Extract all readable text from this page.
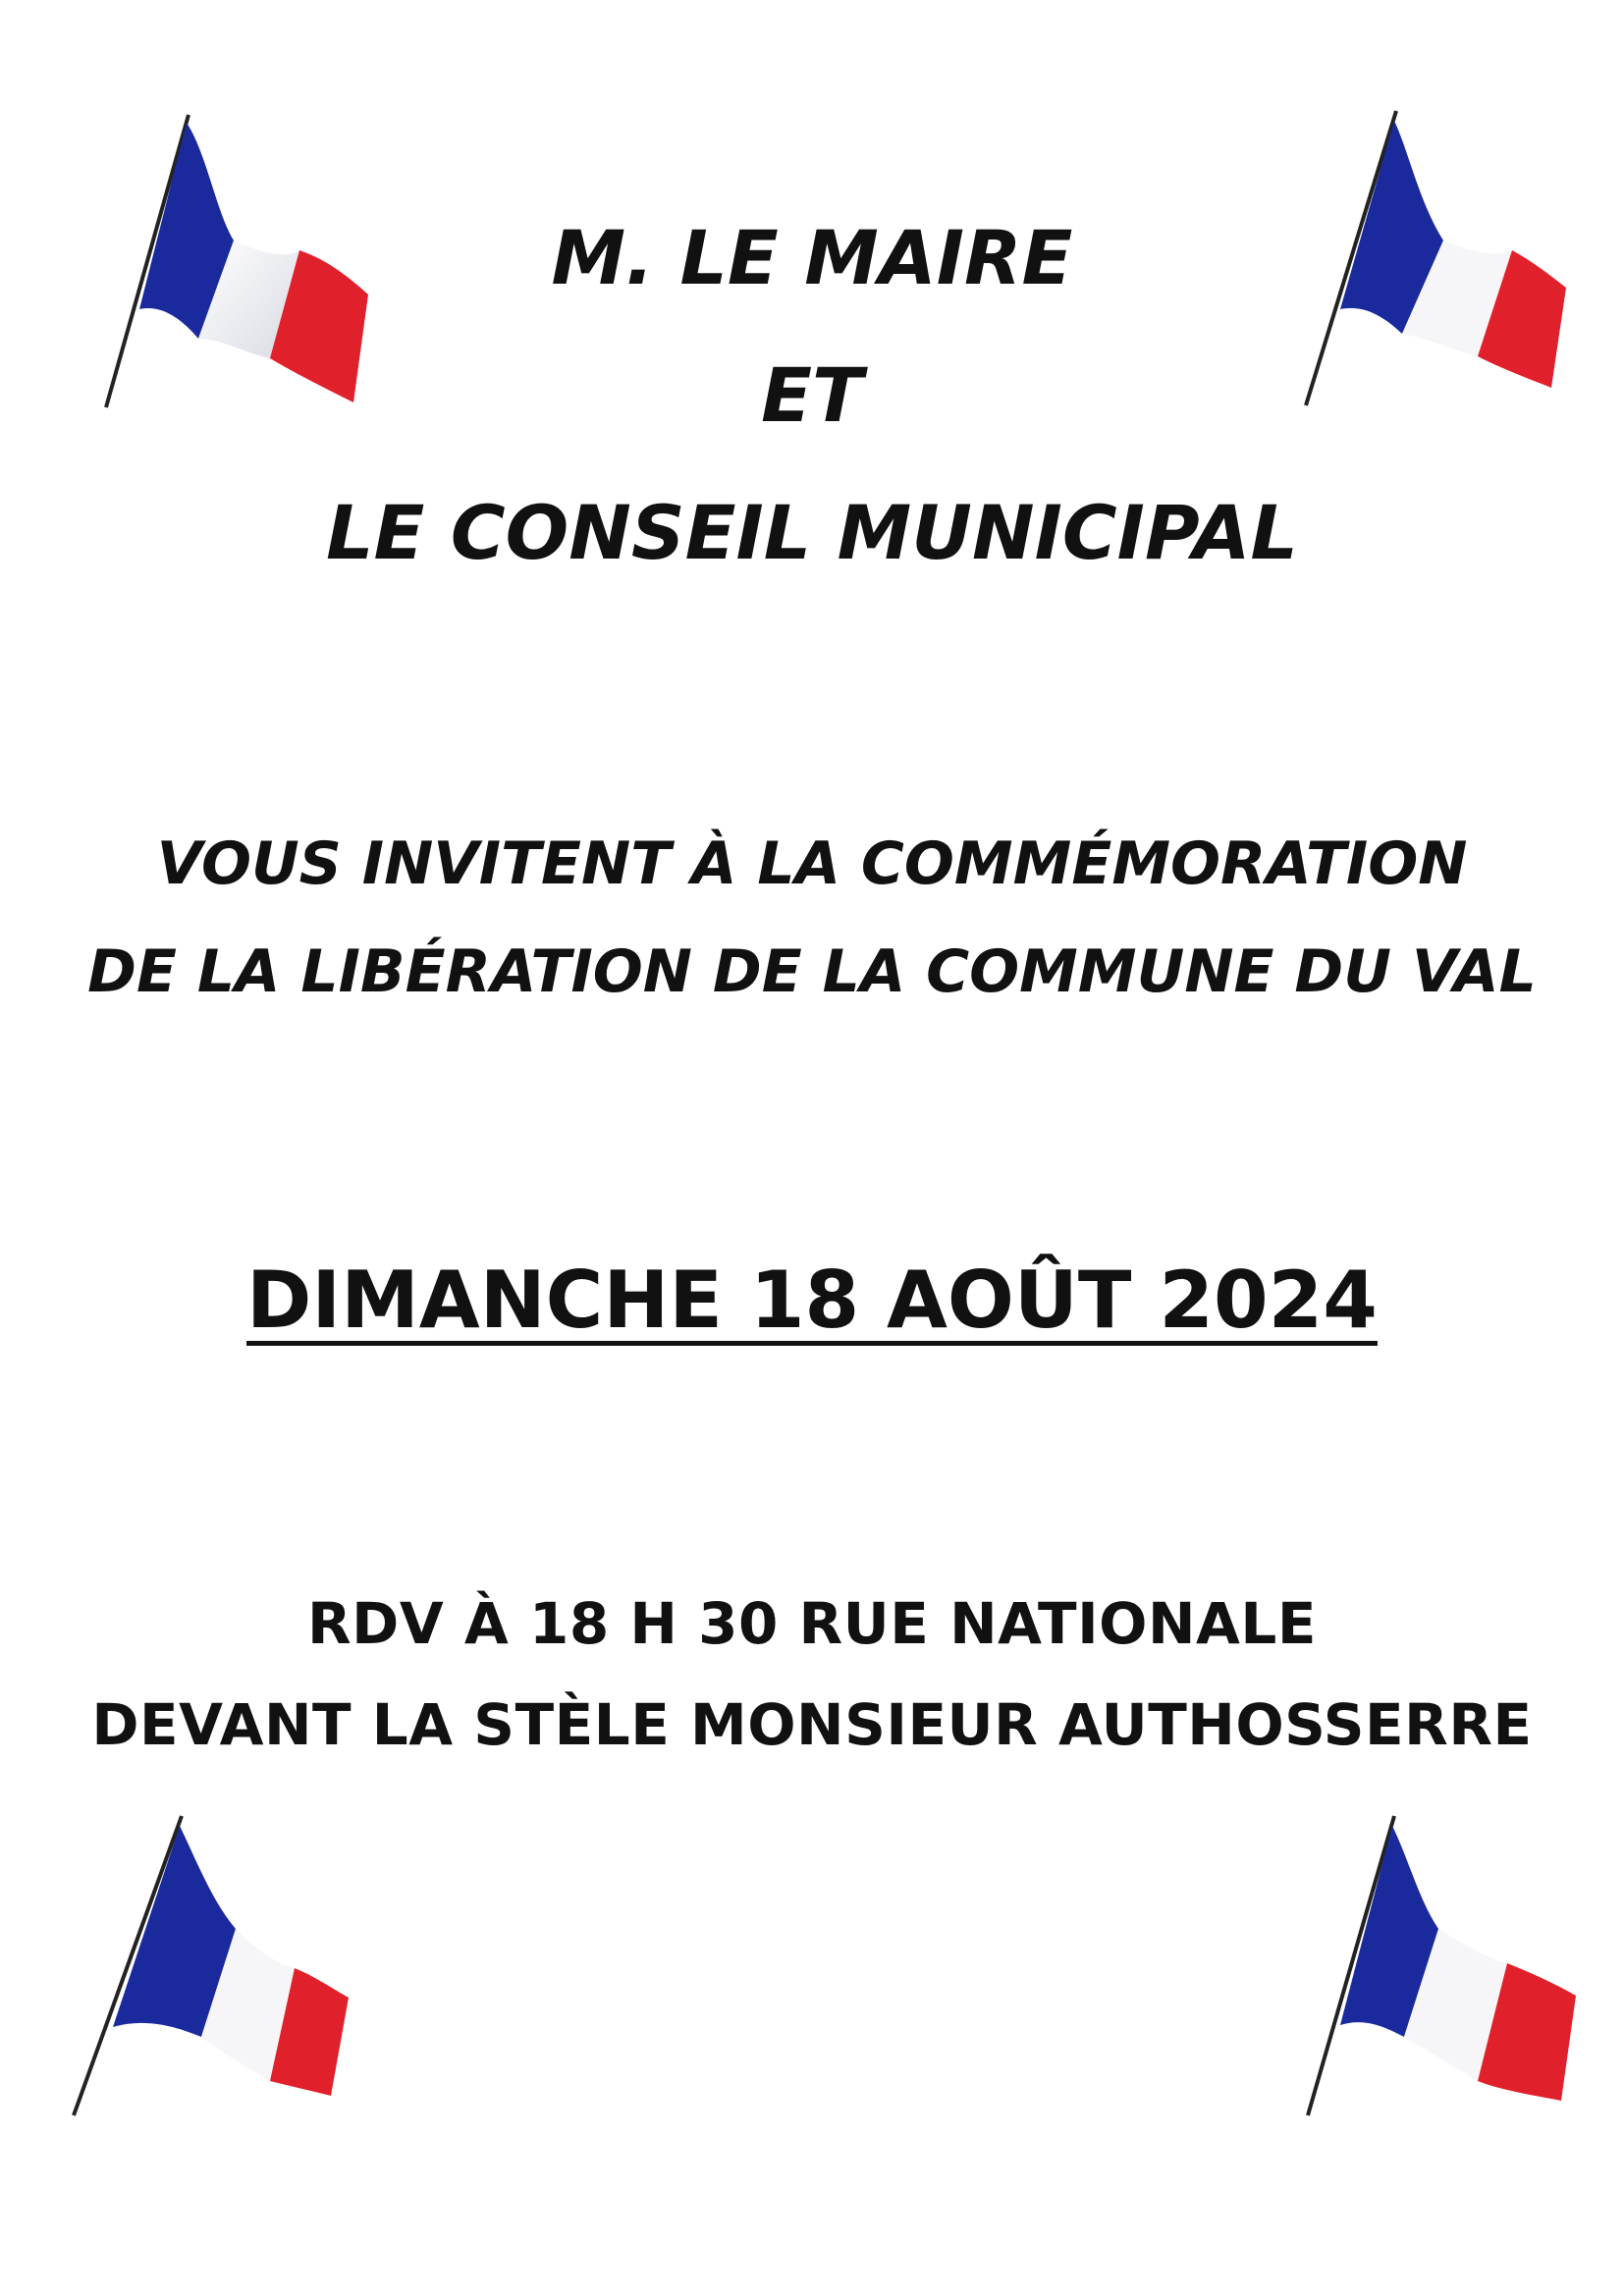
M. LE MAIRE
ET
LE CONSEIL MUNICIPAL
VOUS INVITENT À LA COMMÉMORATION
DE LA LIBÉRATION DE LA COMMUNE DU VAL
DIMANCHE 18 AOÛT 2024
RDV À 18 H 30 RUE NATIONALE
DEVANT LA STÈLE MONSIEUR AUTHOSSERRE
